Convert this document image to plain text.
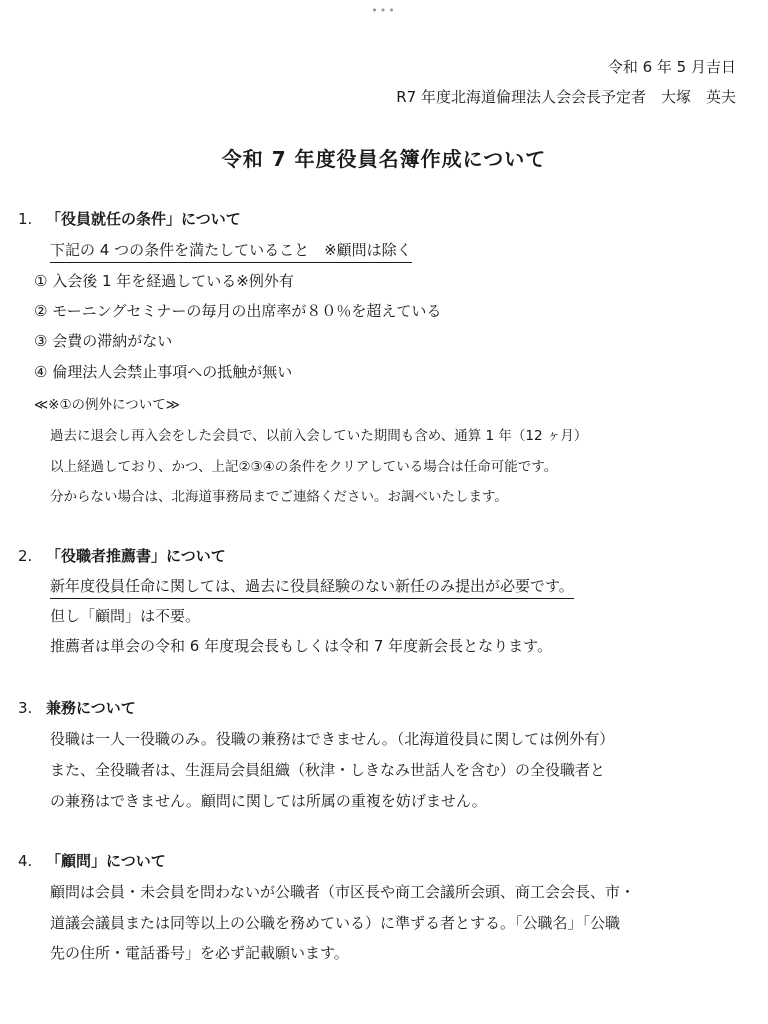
•••
令和 6 年 5 月吉日
R7 年度北海道倫理法人会会長予定者　大塚　英夫
令和 7 年度役員名簿作成について
1. 「役員就任の条件」について
下記の 4 つの条件を満たしていること　※顧問は除く
① 入会後 1 年を経過している※例外有
② モーニングセミナーの毎月の出席率が８０％を超えている
③ 会費の滞納がない
④ 倫理法人会禁止事項への抵触が無い
≪※①の例外について≫
過去に退会し再入会をした会員で、以前入会していた期間も含め、通算 1 年（12 ヶ月）
以上経過しており、かつ、上記②③④の条件をクリアしている場合は任命可能です。
分からない場合は、北海道事務局までご連絡ください。お調べいたします。
2. 「役職者推薦書」について
新年度役員任命に関しては、過去に役員経験のない新任のみ提出が必要です。
但し「顧問」は不要。
推薦者は単会の令和 6 年度現会長もしくは令和 7 年度新会長となります。
3. 兼務について
役職は一人一役職のみ。役職の兼務はできません。（北海道役員に関しては例外有）
また、全役職者は、生涯局会員組織（秋津・しきなみ世話人を含む）の全役職者と
の兼務はできません。顧問に関しては所属の重複を妨げません。
4. 「顧問」について
顧問は会員・未会員を問わないが公職者（市区長や商工会議所会頭、商工会会長、市・
道議会議員または同等以上の公職を務めている）に準ずる者とする。「公職名」「公職
先の住所・電話番号」を必ず記載願います。
